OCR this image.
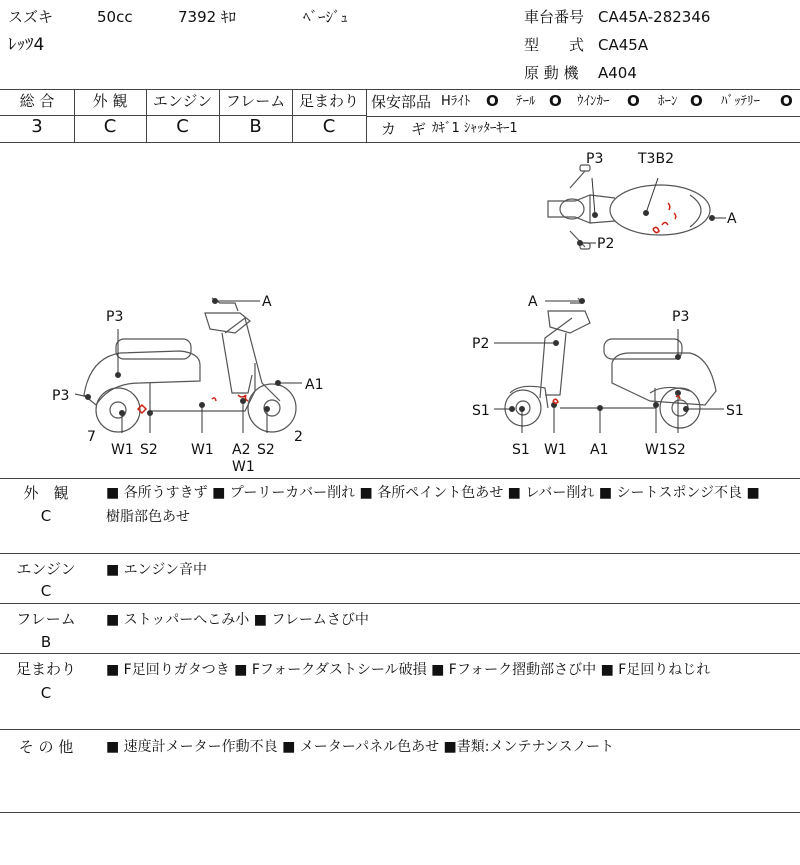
スズキ	50cc	7392 ｷﾛ	ﾍﾞｰｼﾞｭ
ﾚｯﾂ4
車台番号 CA45A-282346
型　　式 CA45A
原 動 機 A404
総 合	外 観	エンジン フレーム 足まわり
3	C	C	B	C
保安部品 Hﾗｲﾄ O ﾃｰﾙ O ｳｲﾝｶｰ O ﾎｰﾝ O ﾊﾞｯﾃﾘｰ O
カ　ギ ｶｷﾞ1 ｼｬｯﾀｰｷｰ1
P3 T3B2
A
P2
A
P3
P3
A1
7
W1 S2 W1 A2 S2
2
W1
A
P3
P2
S1
S1 W1 A1	W1 S2
S1
外　観
C
■ 各所うすきず ■ プーリーカバー削れ ■ 各所ペイント色あせ ■ レバー削れ ■ シートスポンジ不良 ■
樹脂部色あせ
エンジン
C
■ エンジン音中
フレーム
B
■ ストッパーへこみ小 ■ フレームさび中
足まわり
C
■ F足回りガタつき ■ Fフォークダストシール破損 ■ Fフォーク摺動部さび中 ■ F足回りねじれ
そ の 他	■ 速度計メーター作動不良 ■ メーターパネル色あせ ■書類:メンテナンスノート
